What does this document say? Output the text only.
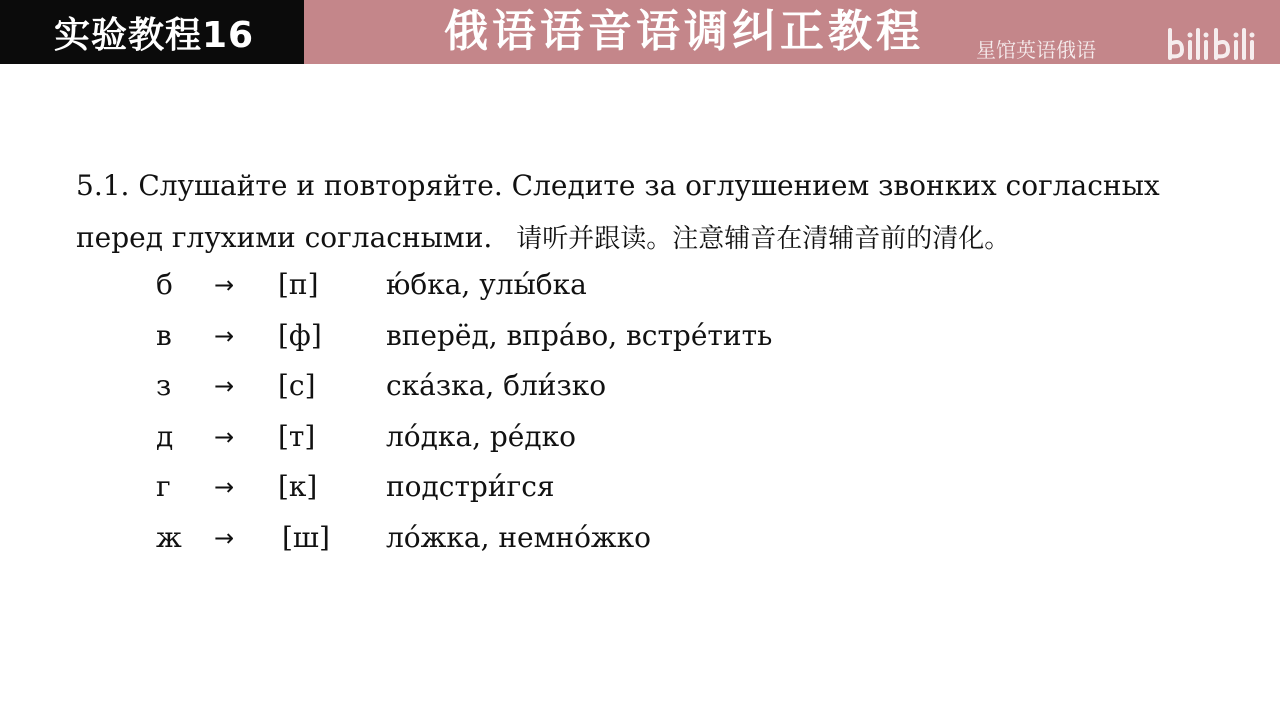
实验教程16	俄语语音语调纠正教程	星馆英语俄语

5.1. Слушайте и повторяйте. Следите за оглушением звонких согласных

перед глухими согласными. 请听并跟读。注意辅音在清辅音前的清化。

б → [п] ю́бка, улы́бка
в → [ф] вперёд, впра́во, встре́тить
з → [с]	ска́зка, бли́зко
д → [т]	ло́дка, ре́дко
г → [к] подстри́гся
ж → [ш] ло́жка, немно́жко
